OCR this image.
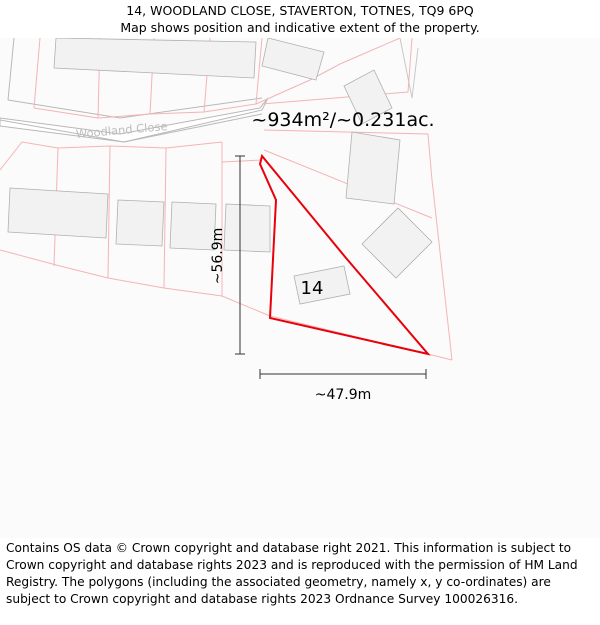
14, WOODLAND CLOSE, STAVERTON, TOTNES, TQ9 6PQ
Map shows position and indicative extent of the property.
Woodland Close
14
~934m²/~0.231ac.
~56.9m
~47.9m
Contains OS data © Crown copyright and database right 2021. This information is subject to Crown copyright and database rights 2023 and is reproduced with the permission of HM Land Registry. The polygons (including the associated geometry, namely x, y co-ordinates) are subject to Crown copyright and database rights 2023 Ordnance Survey 100026316.
